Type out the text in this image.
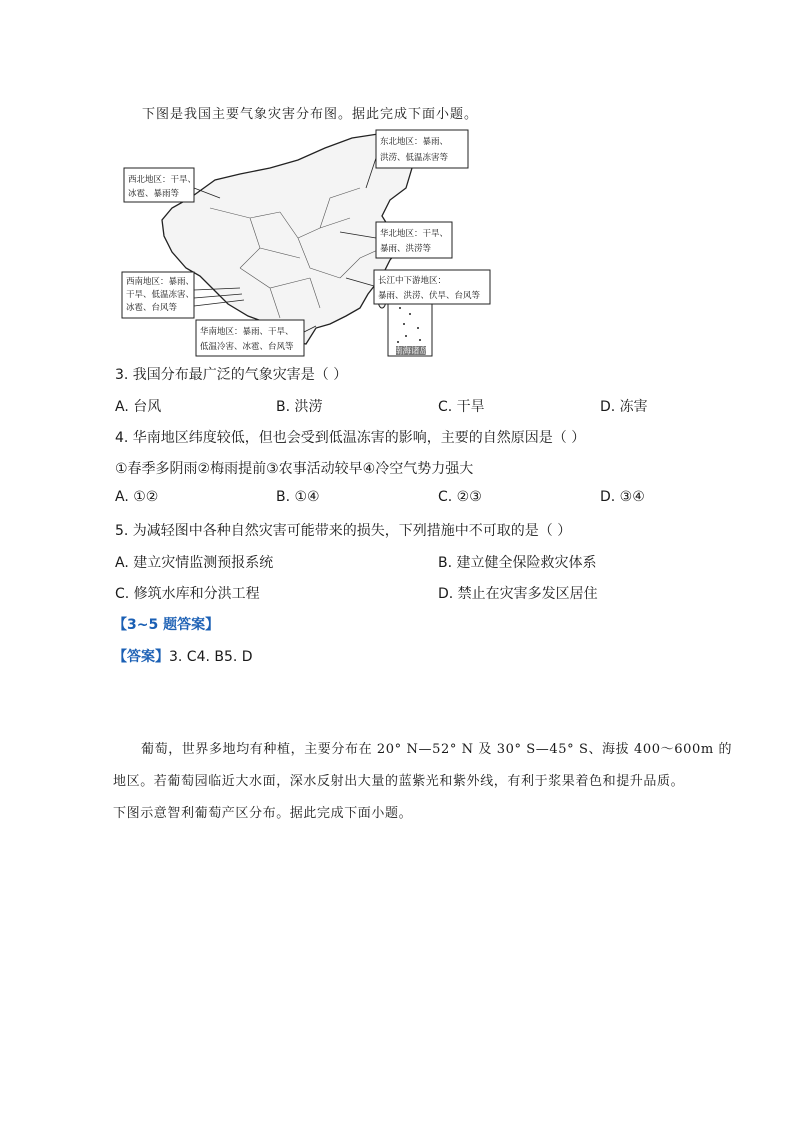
下图是我国主要气象灾害分布图。据此完成下面小题。
南海诸岛
西北地区：干旱、
冰雹、暴雨等
东北地区：暴雨、
洪涝、低温冻害等
华北地区：干旱、
暴雨、洪涝等
长江中下游地区：
暴雨、洪涝、伏旱、台风等
西南地区：暴雨、
干旱、低温冻害、
冰雹、台风等
华南地区：暴雨、干旱、
低温冷害、冰雹、台风等
3. 我国分布最广泛的气象灾害是（ ）
A. 台风	B. 洪涝	C. 干旱	D. 冻害
4. 华南地区纬度较低，但也会受到低温冻害的影响，主要的自然原因是（ ）
①春季多阴雨②梅雨提前③农事活动较早④冷空气势力强大
A. ①②	B. ①④	C. ②③	D. ③④
5. 为减轻图中各种自然灾害可能带来的损失，下列措施中不可取的是（ ）
A. 建立灾情监测预报系统	B. 建立健全保险救灾体系
C. 修筑水库和分洪工程	D. 禁止在灾害多发区居住
【3~5 题答案】
【答案】3. C4. B5. D
葡萄，世界多地均有种植，主要分布在 20° N—52° N 及 30° S—45° S、海拔 400～600m 的
地区。若葡萄园临近大水面，深水反射出大量的蓝紫光和紫外线，有利于浆果着色和提升品质。
下图示意智利葡萄产区分布。据此完成下面小题。
